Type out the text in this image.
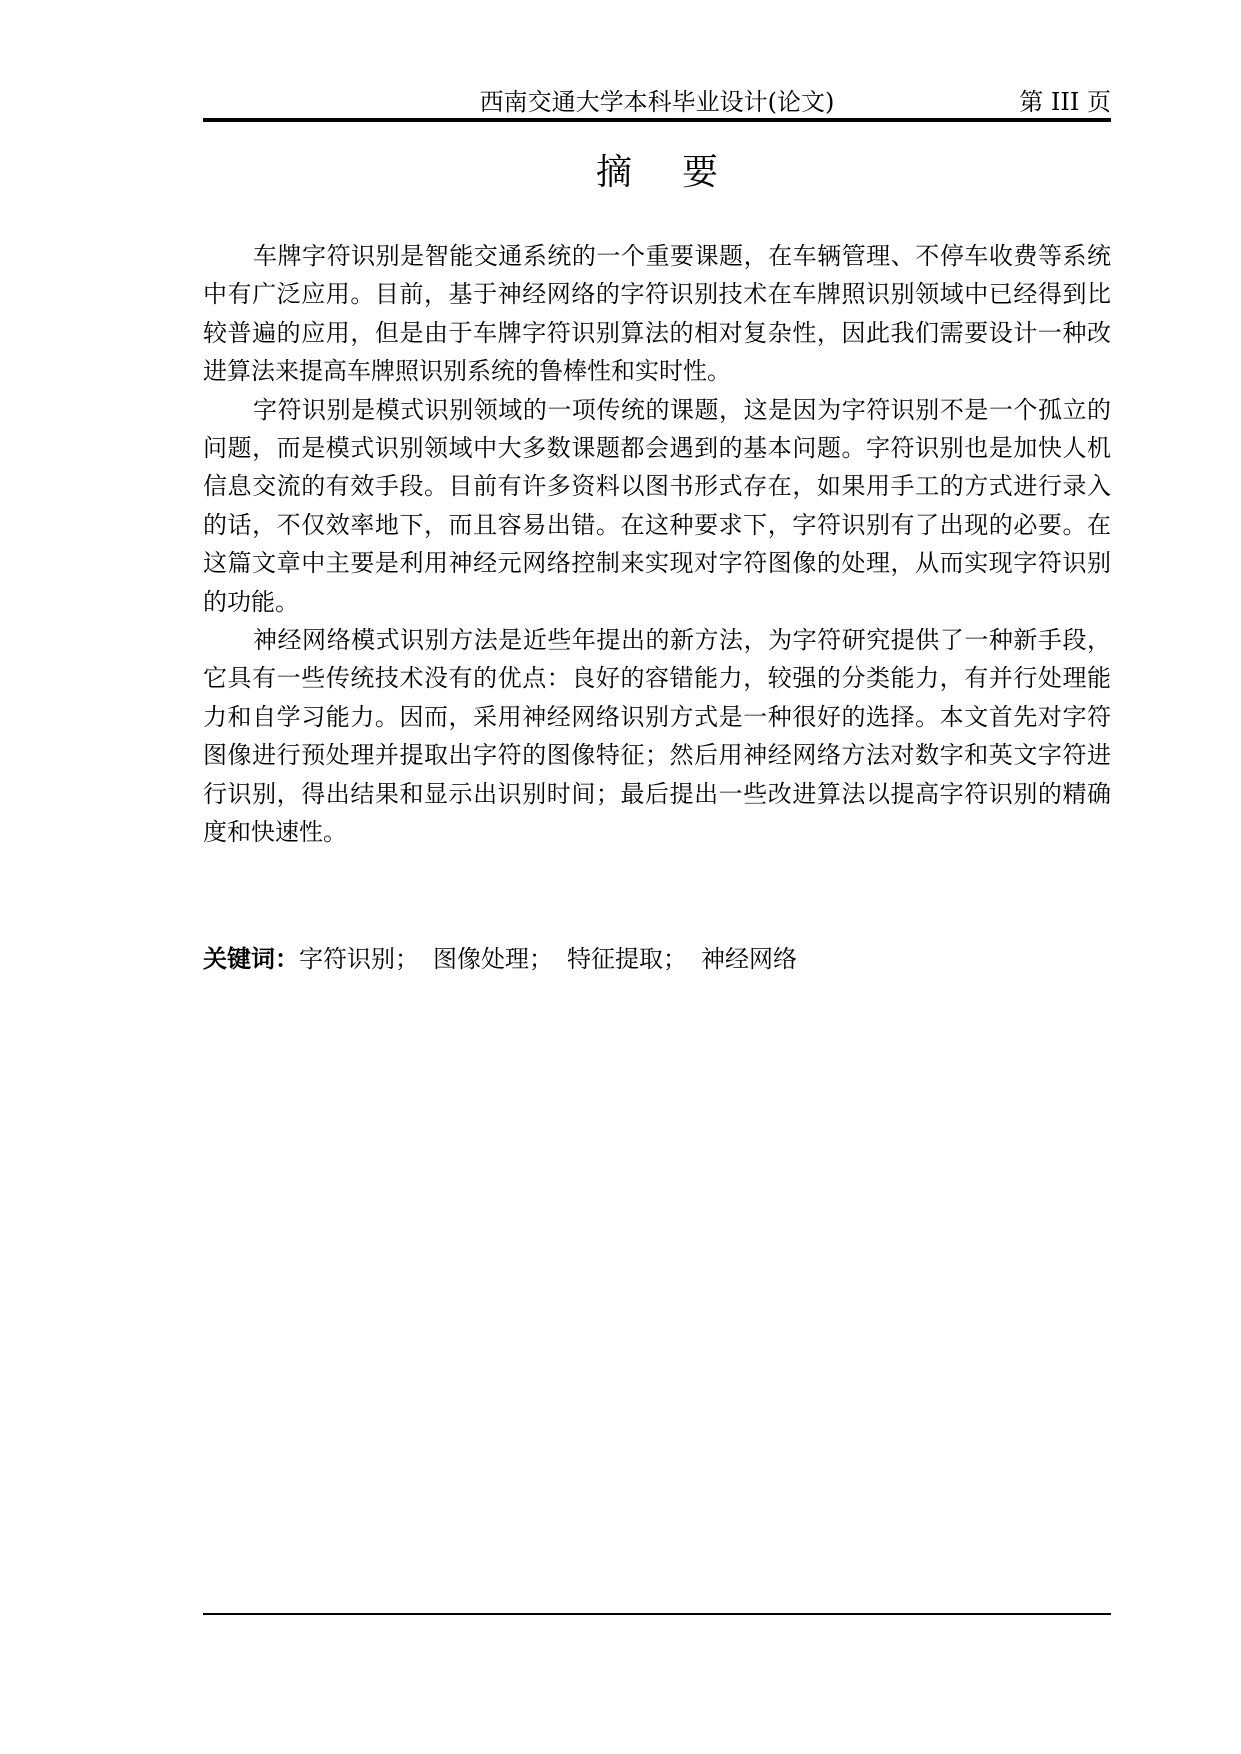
西南交通大学本科毕业设计(论文)	第 III 页
摘要

车牌字符识别是智能交通系统的一个重要课题，在车辆管理、不停车收费等系统中有广泛应用。目前，基于神经网络的字符识别技术在车牌照识别领域中已经得到比较普遍的应用，但是由于车牌字符识别算法的相对复杂性，因此我们需要设计一种改进算法来提高车牌照识别系统的鲁棒性和实时性。

字符识别是模式识别领域的一项传统的课题，这是因为字符识别不是一个孤立的问题，而是模式识别领域中大多数课题都会遇到的基本问题。字符识别也是加快人机信息交流的有效手段。目前有许多资料以图书形式存在，如果用手工的方式进行录入的话，不仅效率地下，而且容易出错。在这种要求下，字符识别有了出现的必要。在这篇文章中主要是利用神经元网络控制来实现对字符图像的处理，从而实现字符识别的功能。

神经网络模式识别方法是近些年提出的新方法，为字符研究提供了一种新手段，它具有一些传统技术没有的优点：良好的容错能力，较强的分类能力，有并行处理能力和自学习能力。因而，采用神经网络识别方式是一种很好的选择。本文首先对字符图像进行预处理并提取出字符的图像特征；然后用神经网络方法对数字和英文字符进行识别，得出结果和显示出识别时间；最后提出一些改进算法以提高字符识别的精确度和快速性。

关键词：字符识别； 图像处理； 特征提取； 神经网络
